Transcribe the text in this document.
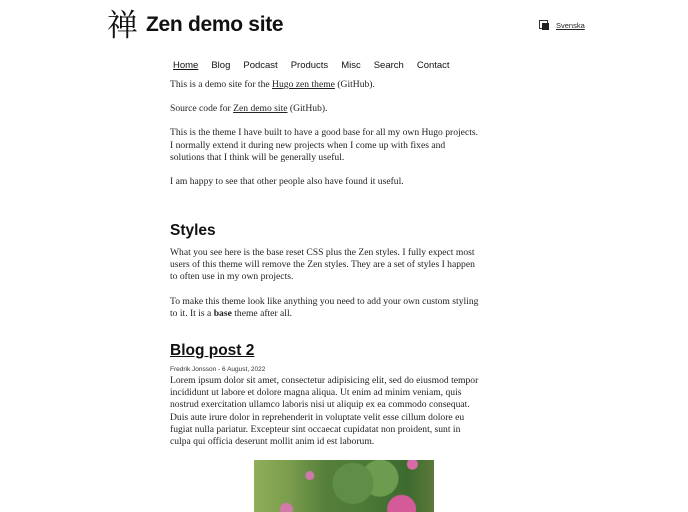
禅 Zen demo site	Svenska
Home Blog Podcast Products Misc Search Contact

This is a demo site for the Hugo zen theme (GitHub).

Source code for Zen demo site (GitHub).

This is the theme I have built to have a good base for all my own Hugo projects. I normally extend it during new projects when I come up with fixes and solutions that I think will be generally useful.

I am happy to see that other people also have found it useful.

Styles

What you see here is the base reset CSS plus the Zen styles. I fully expect most users of this theme will remove the Zen styles. They are a set of styles I happen to often use in my own projects.

To make this theme look like anything you need to add your own custom styling to it. It is a base theme after all.

Blog post 2
Fredrik Jonsson - 6 August, 2022
Lorem ipsum dolor sit amet, consectetur adipisicing elit, sed do eiusmod tempor incididunt ut labore et dolore magna aliqua. Ut enim ad minim veniam, quis nostrud exercitation ullamco laboris nisi ut aliquip ex ea commodo consequat. Duis aute irure dolor in reprehenderit in voluptate velit esse cillum dolore eu fugiat nulla pariatur. Excepteur sint occaecat cupidatat non proident, sunt in culpa qui officia deserunt mollit anim id est laborum.
